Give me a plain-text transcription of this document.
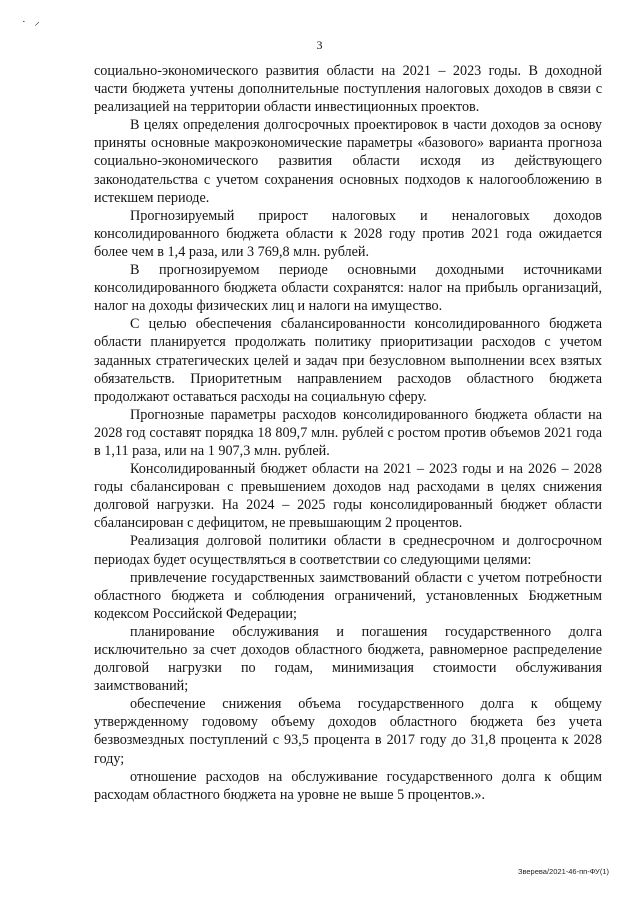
· ⸝
3

социально-экономического развития области на 2021 – 2023 годы. В доходной части бюджета учтены дополнительные поступления налоговых доходов в связи с реализацией на территории области инвестиционных проектов.

В целях определения долгосрочных проектировок в части доходов за основу приняты основные макроэкономические параметры «базового» варианта прогноза социально-экономического развития области исходя из действующего законодательства с учетом сохранения основных подходов к налогообложению в истекшем периоде.

Прогнозируемый прирост налоговых и неналоговых доходов консолидированного бюджета области к 2028 году против 2021 года ожидается более чем в 1,4 раза, или 3 769,8 млн. рублей.

В прогнозируемом периоде основными доходными источниками консолидированного бюджета области сохранятся: налог на прибыль организаций, налог на доходы физических лиц и налоги на имущество.

С целью обеспечения сбалансированности консолидированного бюджета области планируется продолжать политику приоритизации расходов с учетом заданных стратегических целей и задач при безусловном выполнении всех взятых обязательств. Приоритетным направлением расходов областного бюджета продолжают оставаться расходы на социальную сферу.

Прогнозные параметры расходов консолидированного бюджета области на 2028 год составят порядка 18 809,7 млн. рублей с ростом против объемов 2021 года в 1,11 раза, или на 1 907,3 млн. рублей.

Консолидированный бюджет области на 2021 – 2023 годы и на 2026 – 2028 годы сбалансирован с превышением доходов над расходами в целях снижения долговой нагрузки. На 2024 – 2025 годы консолидированный бюджет области сбалансирован с дефицитом, не превышающим 2 процентов.

Реализация долговой политики области в среднесрочном и долгосрочном периодах будет осуществляться в соответствии со следующими целями:

привлечение государственных заимствований области с учетом потребности областного бюджета и соблюдения ограничений, установленных Бюджетным кодексом Российской Федерации;

планирование обслуживания и погашения государственного долга исключительно за счет доходов областного бюджета, равномерное распределение долговой нагрузки по годам, минимизация стоимости обслуживания заимствований;

обеспечение снижения объема государственного долга к общему утвержденному годовому объему доходов областного бюджета без учета безвозмездных поступлений с 93,5 процента в 2017 году до 31,8 процента к 2028 году;

отношение расходов на обслуживание государственного долга к общим расходам областного бюджета на уровне не выше 5 процентов.».

Зверева/2021-46-пп-ФУ(1)
